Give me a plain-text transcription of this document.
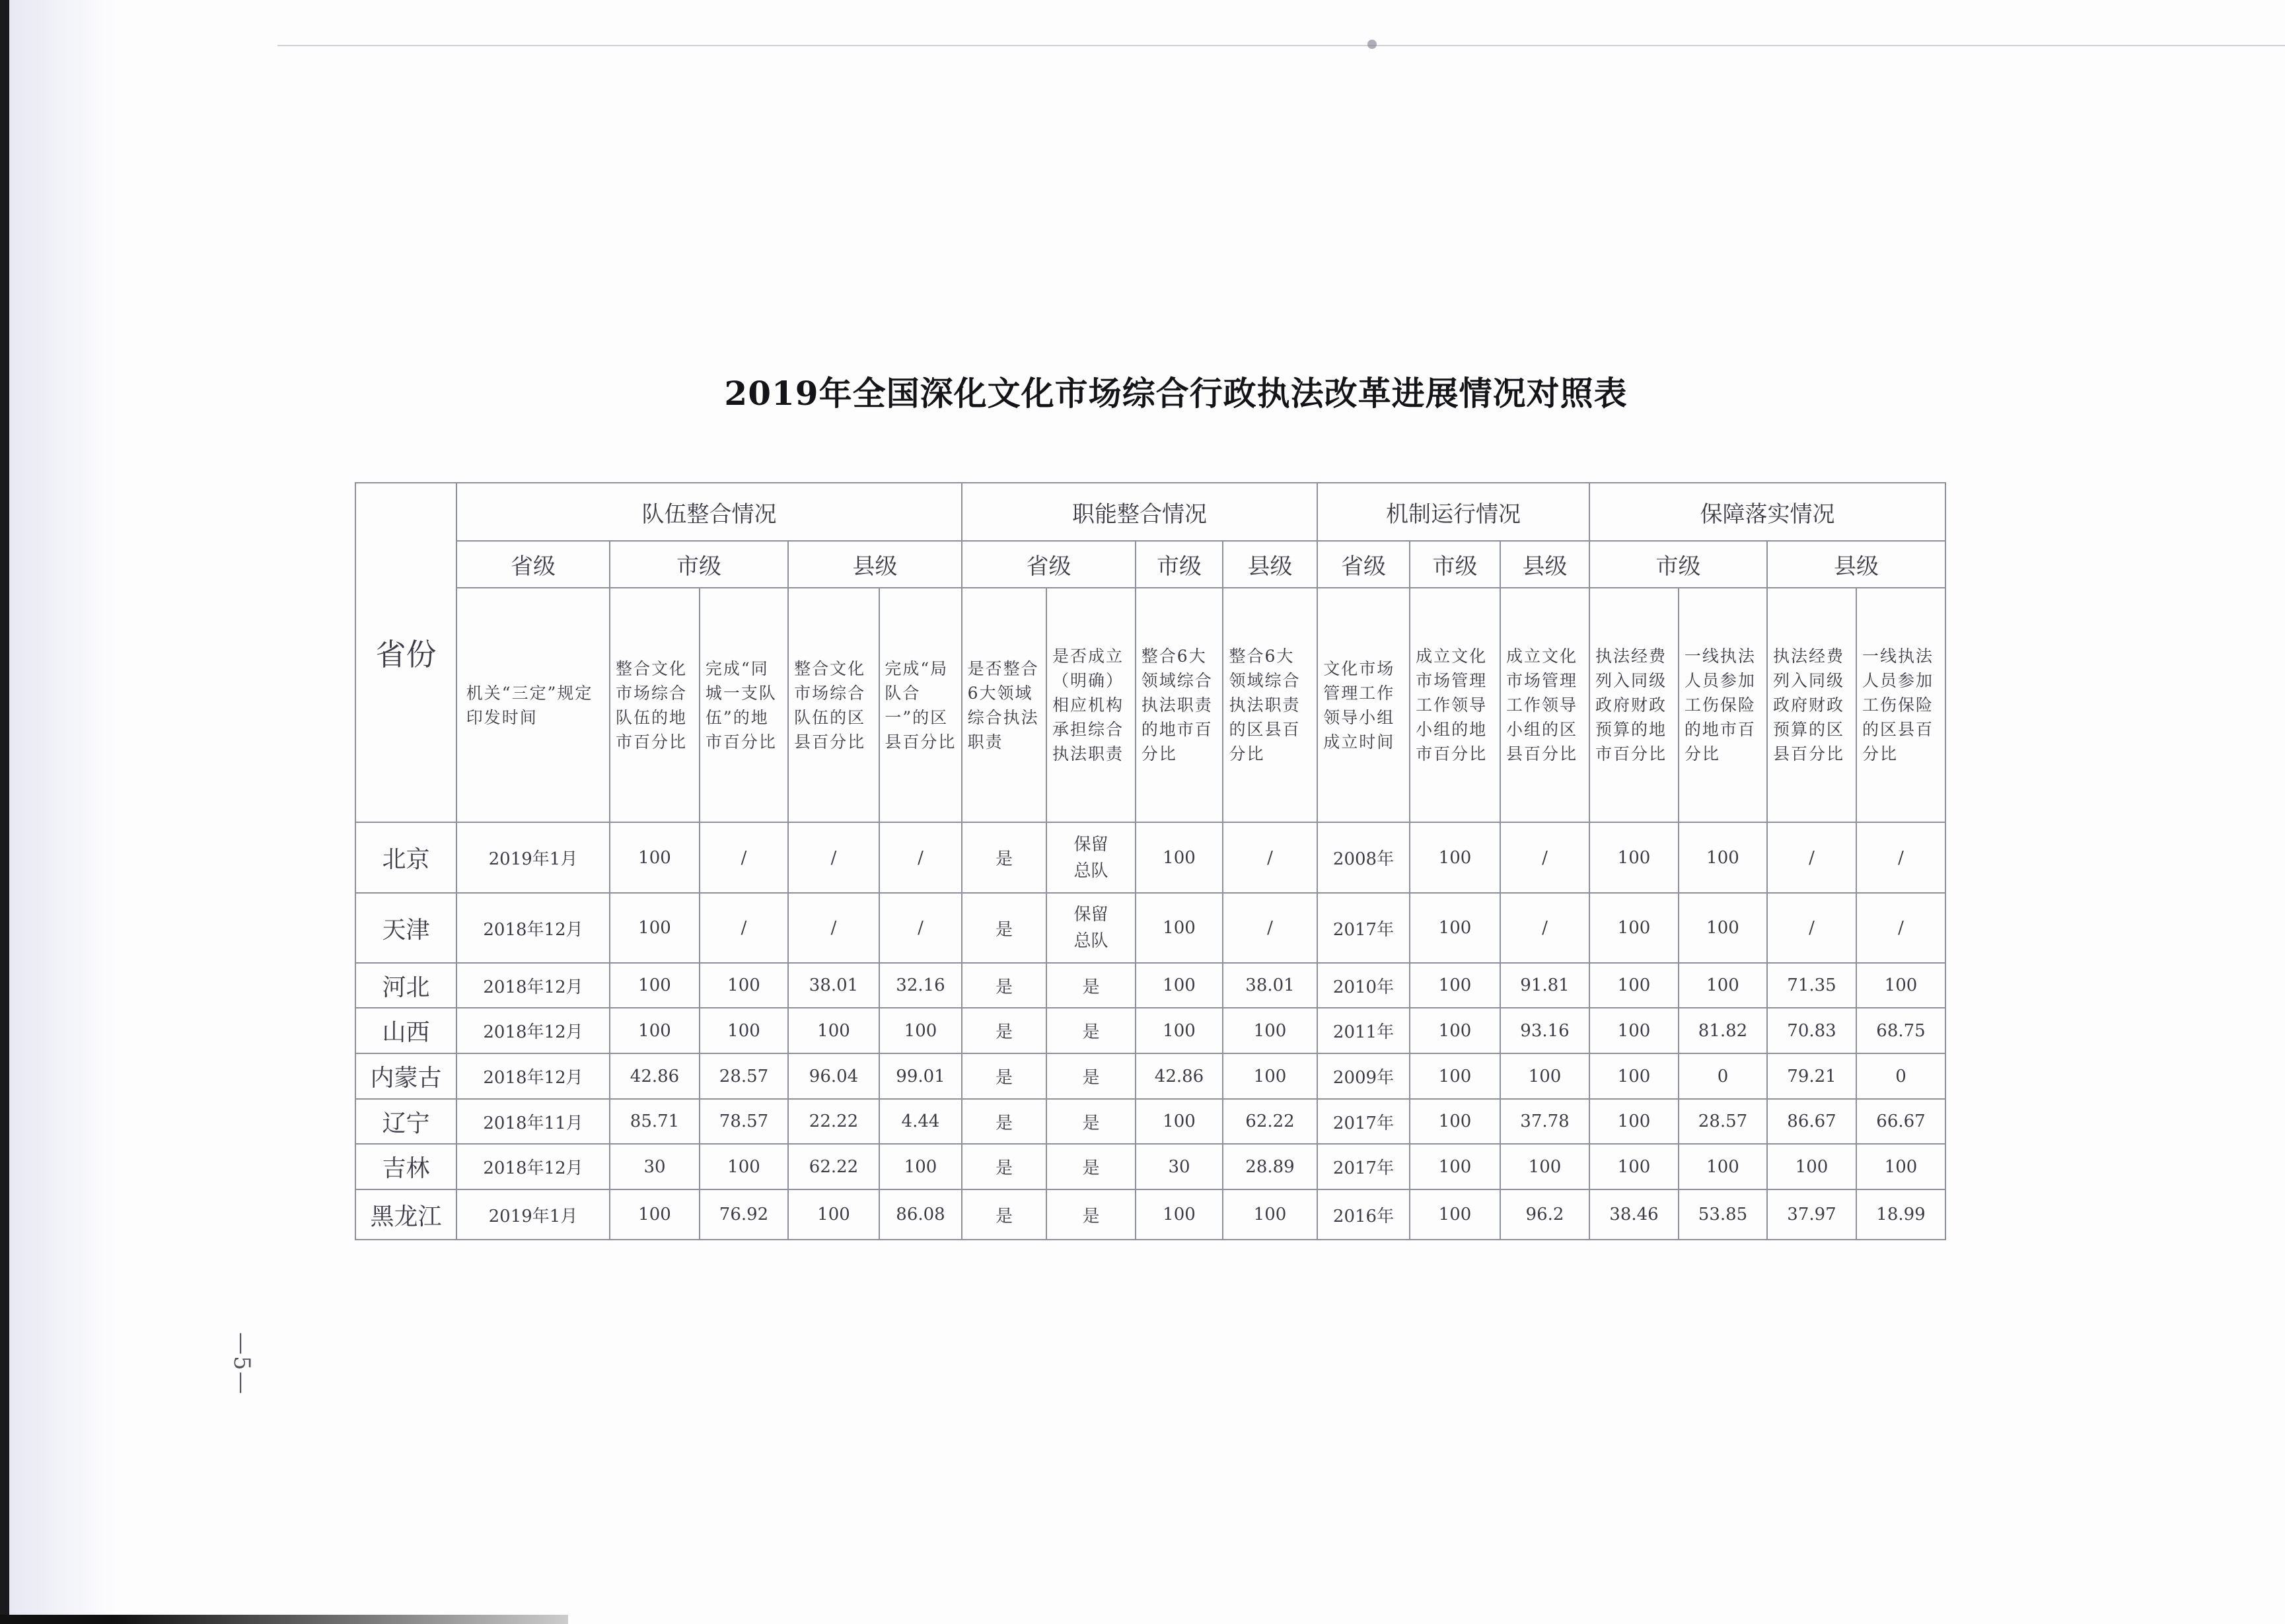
2019年全国深化文化市场综合行政执法改革进展情况对照表
省份	队伍整合情况					职能整合情况				机制运行情况			保障落实情况			
	省级	市级		县级		省级		市级	县级	省级	市级	县级	市级		县级	
	机关“三定”规定印发时间	整合文化市场综合队伍的地市百分比	完成“同城一支队伍”的地市百分比	整合文化市场综合队伍的区县百分比	完成“局队合一”的区县百分比	是否整合6大领域综合执法职责	是否成立（明确）相应机构承担综合执法职责	整合6大领域综合执法职责的地市百分比	整合6大领域综合执法职责的区县百分比	文化市场管理工作领导小组成立时间	成立文化市场管理工作领导小组的地市百分比	成立文化市场管理工作领导小组的区县百分比	执法经费列入同级政府财政预算的地市百分比	一线执法人员参加工伤保险的地市百分比	执法经费列入同级政府财政预算的区县百分比	一线执法人员参加工伤保险的区县百分比
北京	2019年1月	100	/	/	/	是	保留总队	100	/	2008年	100	/	100	100	/	/
天津	2018年12月	100	/	/	/	是	保留总队	100	/	2017年	100	/	100	100	/	/
河北	2018年12月	100	100	38.01	32.16	是	是	100	38.01	2010年	100	91.81	100	100	71.35	100
山西	2018年12月	100	100	100	100	是	是	100	100	2011年	100	93.16	100	81.82	70.83	68.75
内蒙古	2018年12月	42.86	28.57	96.04	99.01	是	是	42.86	100	2009年	100	100	100	0	79.21	0
辽宁	2018年11月	85.71	78.57	22.22	4.44	是	是	100	62.22	2017年	100	37.78	100	28.57	86.67	66.67
吉林	2018年12月	30	100	62.22	100	是	是	30	28.89	2017年	100	100	100	100	100	100
黑龙江	2019年1月	100	76.92	100	86.08	是	是	100	100	2016年	100	96.2	38.46	53.85	37.97	18.99
—5—
